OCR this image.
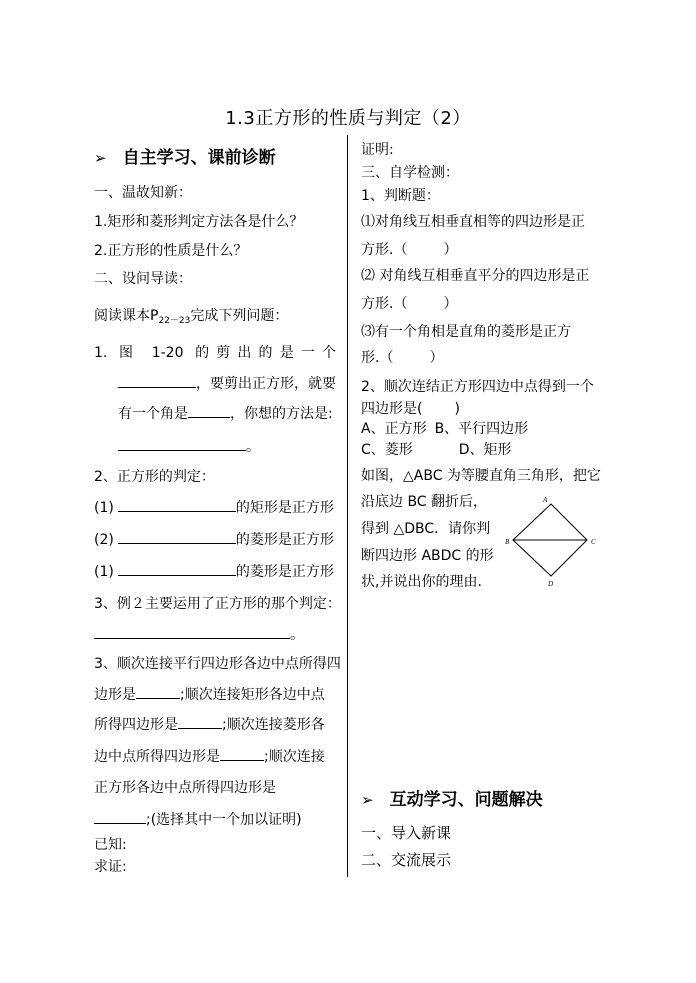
1.3正方形的性质与判定（2）
➢ 自主学习、课前诊断
一、温故知新：
1.矩形和菱形判定方法各是什么？
2.正方形的性质是什么？
二、设问导读：
阅读课本$P_{22-23}$完成下列问题：
1. 图 1-20 的剪出的是一个
，要剪出正方形，就要
有一个角是	，你想的方法是:
。
2、正方形的判定：
(1)	的矩形是正方形
(2)	的菱形是正方形
(1)	的菱形是正方形
3、例２主要运用了正方形的那个判定：
。
3、顺次连接平行四边形各边中点所得四
边形是	;顺次连接矩形各边中点
所得四边形是	;顺次连接菱形各
边中点所得四边形是	;顺次连接
正方形各边中点所得四边形是
;(选择其中一个加以证明)
已知:
求证:
证明:
三、自学检测：
1、判断题：
⑴对角线互相垂直相等的四边形是正
方形.（	）
⑵ 对角线互相垂直平分的四边形是正
方形.（	）
⑶有一个角相是直角的菱形是正方
形.（	）
2、顺次连结正方形四边中点得到一个
四边形是( )
A、正方形 B、平行四边形
C、菱形	D、矩形
如图，△ABC 为等腰直角三角形，把它
沿底边 BC 翻折后，
得到 △DBC．请你判
断四边形 ABDC 的形
状,并说出你的理由．
A
B	C
D
➢ 互动学习、问题解决
一、导入新课
二、交流展示
